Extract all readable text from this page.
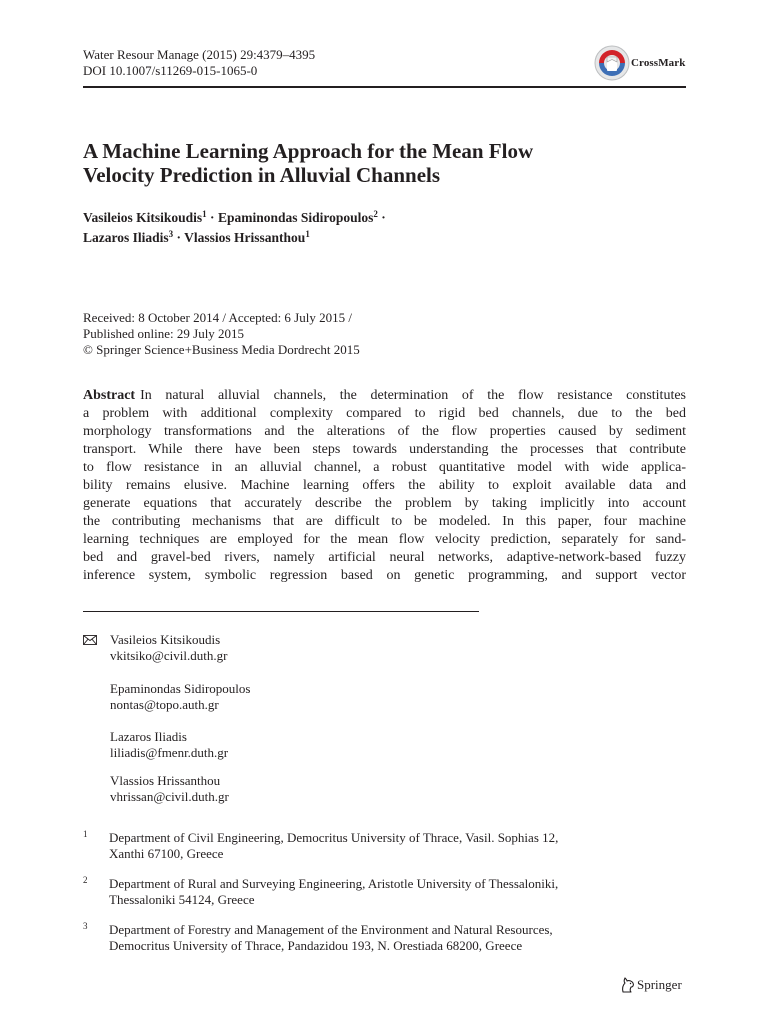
Water Resour Manage (2015) 29:4379–4395
DOI 10.1007/s11269-015-1065-0	CrossMark
A Machine Learning Approach for the Mean Flow
Velocity Prediction in Alluvial Channels
Vasileios Kitsikoudis$^1$ · Epaminondas Sidiropoulos$^2$ ·
Lazaros Iliadis$^3$ · Vlassios Hrissanthou$^1$
Received: 8 October 2014 / Accepted: 6 July 2015 /
Published online: 29 July 2015
© Springer Science+Business Media Dordrecht 2015
Abstract In natural alluvial channels, the determination of the flow resistance constitutes
a problem with additional complexity compared to rigid bed channels, due to the bed
morphology transformations and the alterations of the flow properties caused by sediment
transport. While there have been steps towards understanding the processes that contribute
to flow resistance in an alluvial channel, a robust quantitative model with wide applica-
bility remains elusive. Machine learning offers the ability to exploit available data and
generate equations that accurately describe the problem by taking implicitly into account
the contributing mechanisms that are difficult to be modeled. In this paper, four machine
learning techniques are employed for the mean flow velocity prediction, separately for sand-
bed and gravel-bed rivers, namely artificial neural networks, adaptive-network-based fuzzy
inference system, symbolic regression based on genetic programming, and support vector
Vasileios Kitsikoudis
vkitsiko@civil.duth.gr
Epaminondas Sidiropoulos
nontas@topo.auth.gr
Lazaros Iliadis
liliadis@fmenr.duth.gr
Vlassios Hrissanthou
vhrissan@civil.duth.gr
1 Department of Civil Engineering, Democritus University of Thrace, Vasil. Sophias 12,
Xanthi 67100, Greece
2 Department of Rural and Surveying Engineering, Aristotle University of Thessaloniki,
Thessaloniki 54124, Greece
3 Department of Forestry and Management of the Environment and Natural Resources,
Democritus University of Thrace, Pandazidou 193, N. Orestiada 68200, Greece
Springer
